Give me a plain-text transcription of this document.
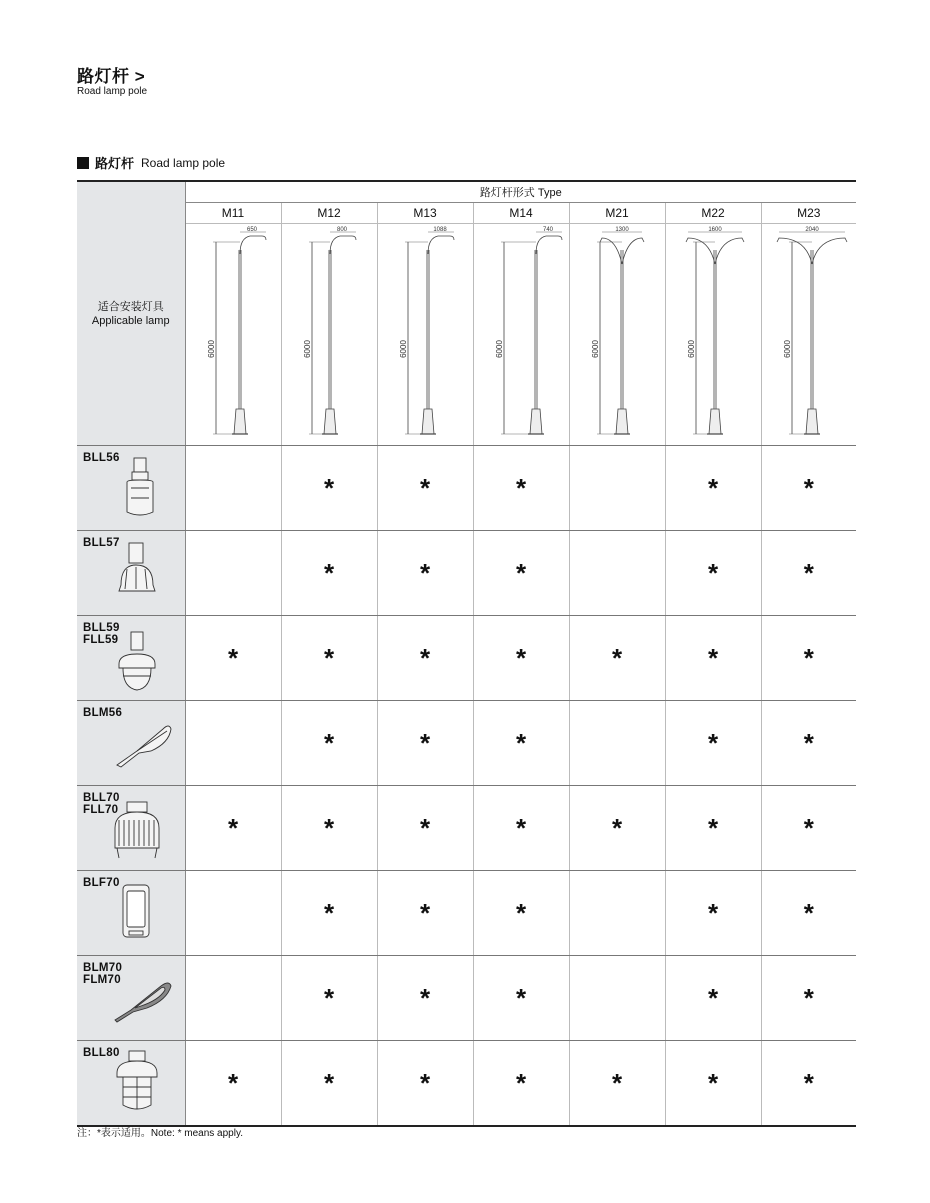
路灯杆 >
Road lamp pole
路灯杆 Road lamp pole
适合安装灯具
Applicable lamp	路灯杆形式 Type						
	M11	M12	M13	M14	M21	M22	M23

6000
650	6000
800	6000
1088	6000
740	6000
1300	6000
1600	6000
2040

BLL56		*	*	*		*	*

BLL57		*	*	*		*	*

BLL59
FLL59	*	*	*	*	*	*	*

BLM56		*	*	*		*	*

BLL70
FLL70	*	*	*	*	*	*	*

BLF70		*	*	*		*	*

BLM70
FLM70		*	*	*		*	*

BLL80	*	*	*	*	*	*	*
注：*表示适用。Note: * means apply.
